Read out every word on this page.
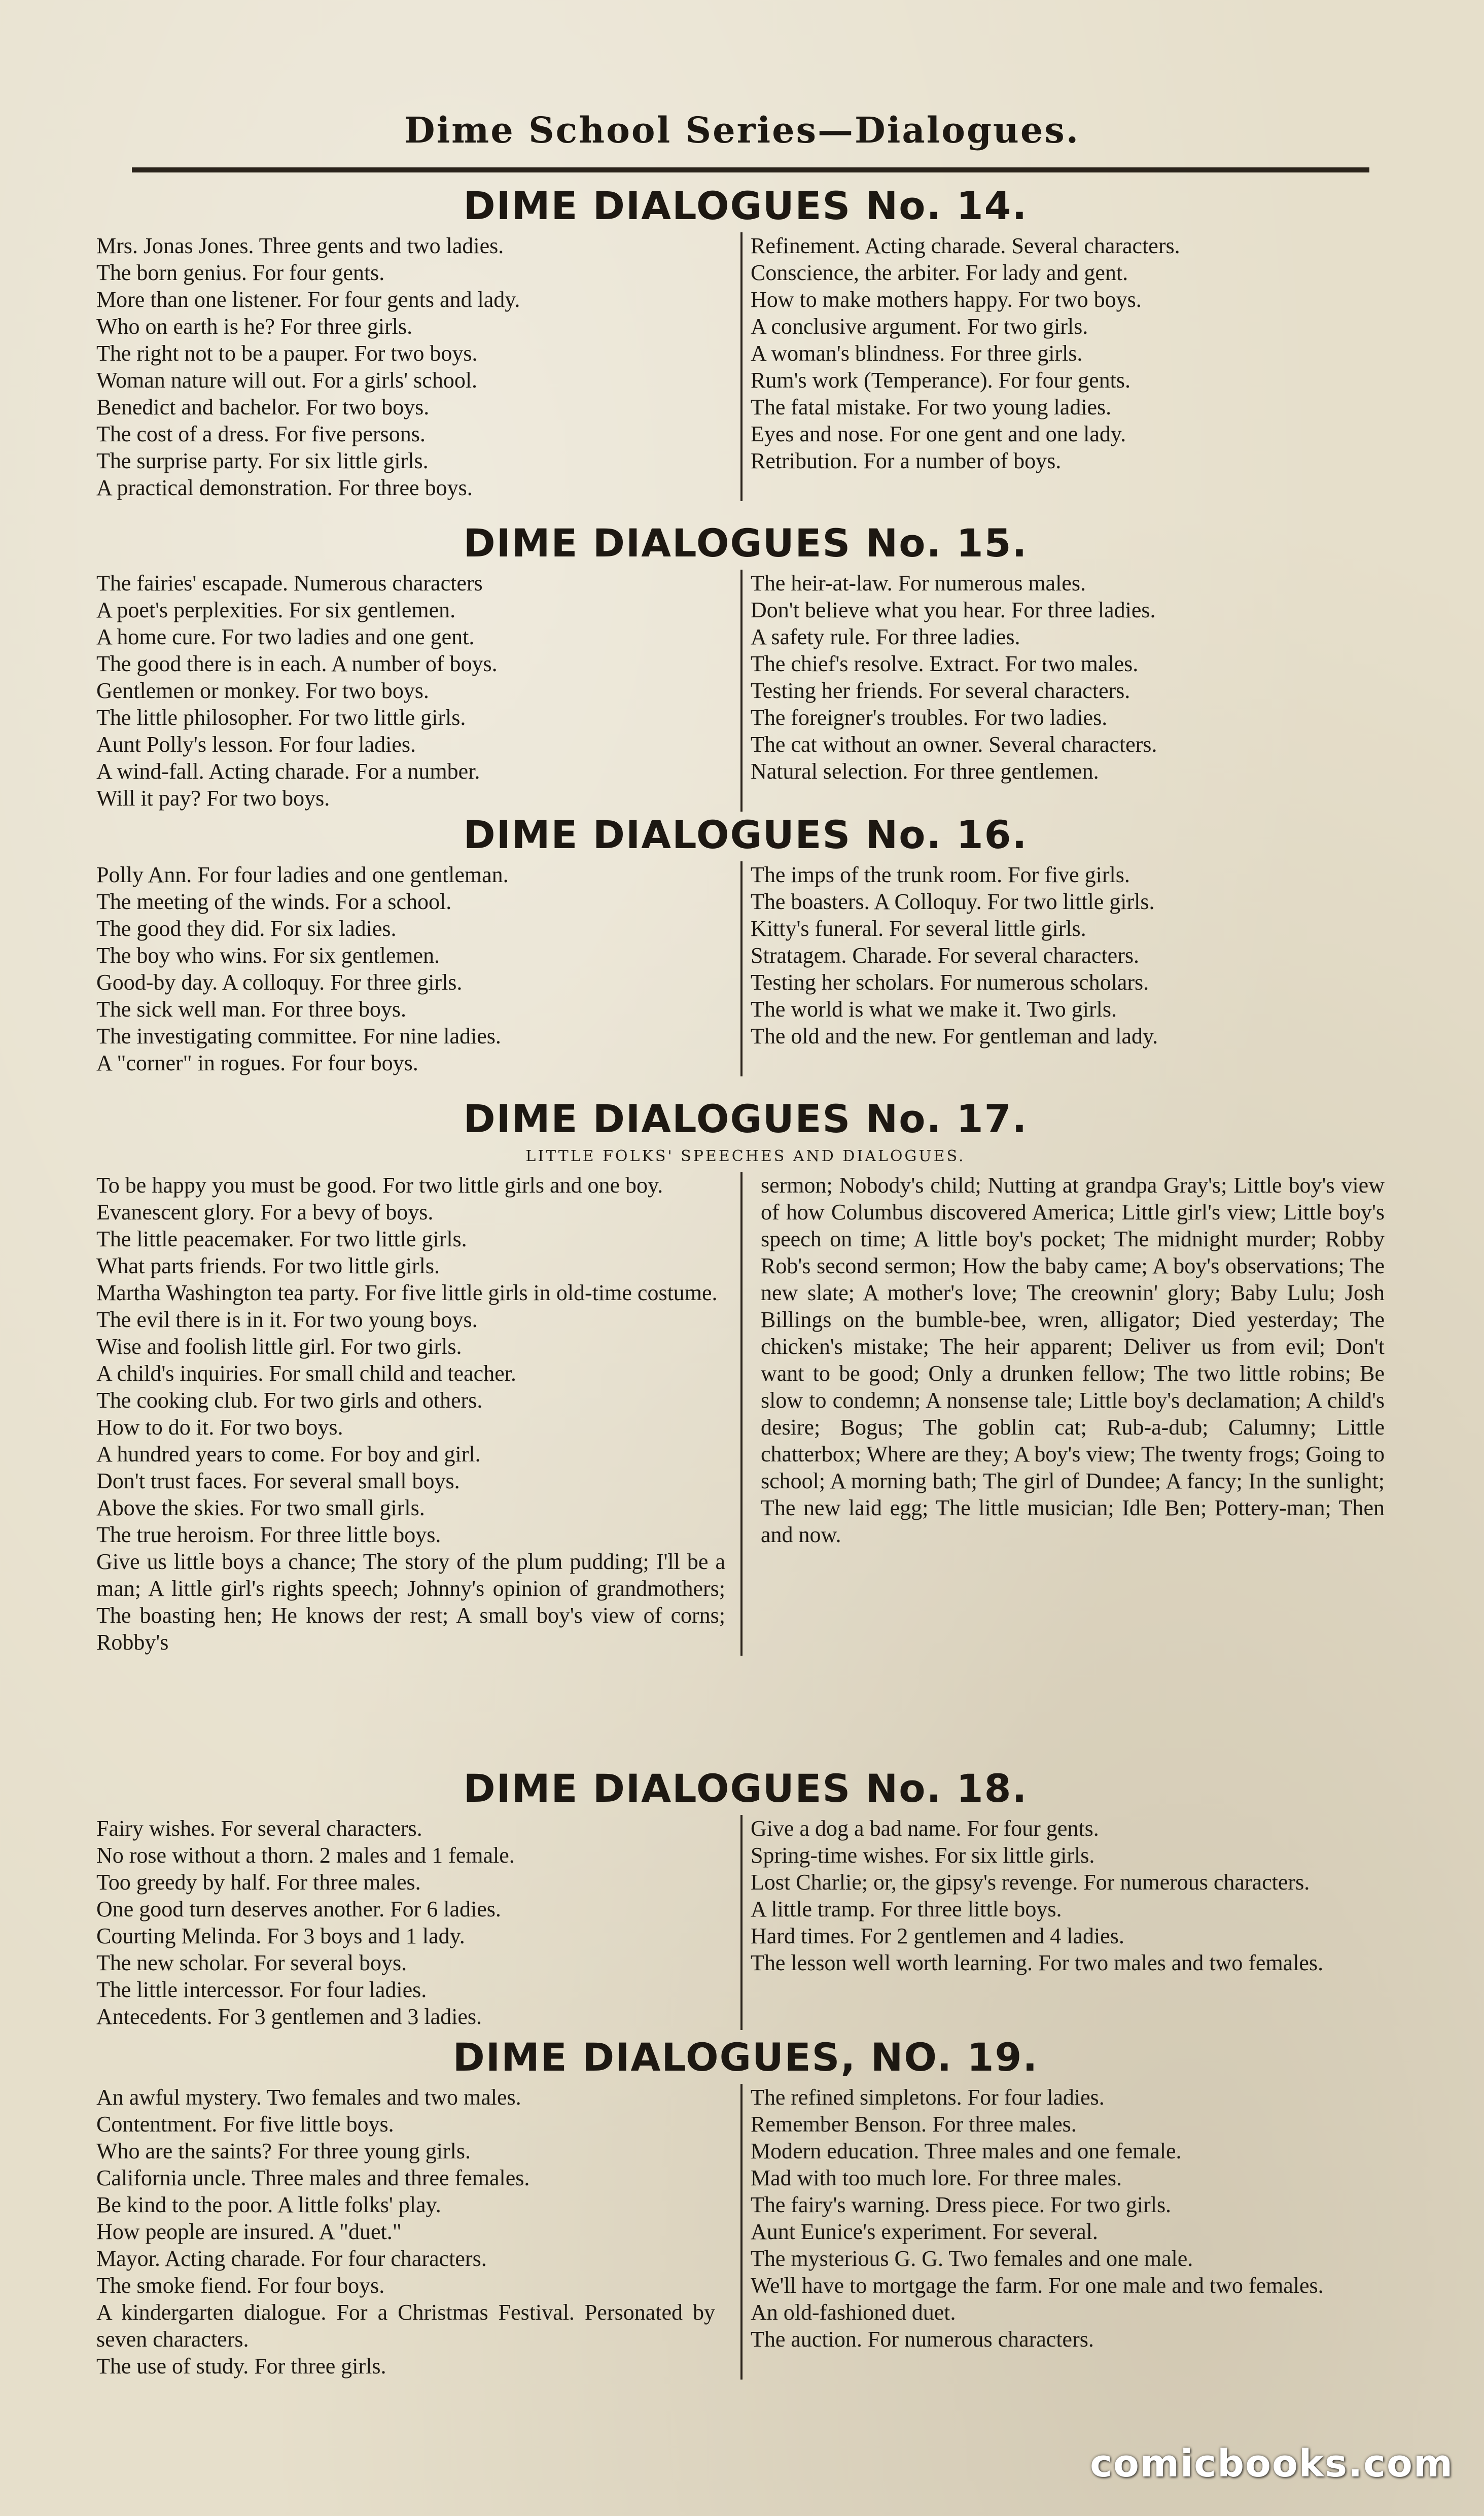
Dime School Series—Dialogues.
DIME DIALOGUES No. 14.
Mrs. Jonas Jones. Three gents and two ladies.
The born genius. For four gents.
More than one listener. For four gents and lady.
Who on earth is he? For three girls.
The right not to be a pauper. For two boys.
Woman nature will out. For a girls' school.
Benedict and bachelor. For two boys.
The cost of a dress. For five persons.
The surprise party. For six little girls.
A practical demonstration. For three boys.
Refinement. Acting charade. Several characters.
Conscience, the arbiter. For lady and gent.
How to make mothers happy. For two boys.
A conclusive argument. For two girls.
A woman's blindness. For three girls.
Rum's work (Temperance). For four gents.
The fatal mistake. For two young ladies.
Eyes and nose. For one gent and one lady.
Retribution. For a number of boys.
DIME DIALOGUES No. 15.
The fairies' escapade. Numerous characters
A poet's perplexities. For six gentlemen.
A home cure. For two ladies and one gent.
The good there is in each. A number of boys.
Gentlemen or monkey. For two boys.
The little philosopher. For two little girls.
Aunt Polly's lesson. For four ladies.
A wind-fall. Acting charade. For a number.
Will it pay? For two boys.
The heir-at-law. For numerous males.
Don't believe what you hear. For three ladies.
A safety rule. For three ladies.
The chief's resolve. Extract. For two males.
Testing her friends. For several characters.
The foreigner's troubles. For two ladies.
The cat without an owner. Several characters.
Natural selection. For three gentlemen.
DIME DIALOGUES No. 16.
Polly Ann. For four ladies and one gentleman.
The meeting of the winds. For a school.
The good they did. For six ladies.
The boy who wins. For six gentlemen.
Good-by day. A colloquy. For three girls.
The sick well man. For three boys.
The investigating committee. For nine ladies.
A "corner" in rogues. For four boys.
The imps of the trunk room. For five girls.
The boasters. A Colloquy. For two little girls.
Kitty's funeral. For several little girls.
Stratagem. Charade. For several characters.
Testing her scholars. For numerous scholars.
The world is what we make it. Two girls.
The old and the new. For gentleman and lady.
DIME DIALOGUES No. 17.
LITTLE FOLKS' SPEECHES AND DIALOGUES.
To be happy you must be good. For two little girls and one boy.
Evanescent glory. For a bevy of boys.
The little peacemaker. For two little girls.
What parts friends. For two little girls.
Martha Washington tea party. For five little girls in old-time costume.
The evil there is in it. For two young boys.
Wise and foolish little girl. For two girls.
A child's inquiries. For small child and teacher.
The cooking club. For two girls and others.
How to do it. For two boys.
A hundred years to come. For boy and girl.
Don't trust faces. For several small boys.
Above the skies. For two small girls.
The true heroism. For three little boys.
Give us little boys a chance; The story of the plum pudding; I'll be a man; A little girl's rights speech; Johnny's opinion of grandmothers; The boasting hen; He knows der rest; A small boy's view of corns; Robby's
sermon; Nobody's child; Nutting at grandpa Gray's; Little boy's view of how Columbus discovered America; Little girl's view; Little boy's speech on time; A little boy's pocket; The midnight murder; Robby Rob's second sermon; How the baby came; A boy's observations; The new slate; A mother's love; The creownin' glory; Baby Lulu; Josh Billings on the bumble-bee, wren, alligator; Died yesterday; The chicken's mistake; The heir apparent; Deliver us from evil; Don't want to be good; Only a drunken fellow; The two little robins; Be slow to condemn; A nonsense tale; Little boy's declamation; A child's desire; Bogus; The goblin cat; Rub-a-dub; Calumny; Little chatterbox; Where are they; A boy's view; The twenty frogs; Going to school; A morning bath; The girl of Dundee; A fancy; In the sunlight; The new laid egg; The little musician; Idle Ben; Pottery-man; Then and now.
DIME DIALOGUES No. 18.
Fairy wishes. For several characters.
No rose without a thorn. 2 males and 1 female.
Too greedy by half. For three males.
One good turn deserves another. For 6 ladies.
Courting Melinda. For 3 boys and 1 lady.
The new scholar. For several boys.
The little intercessor. For four ladies.
Antecedents. For 3 gentlemen and 3 ladies.
Give a dog a bad name. For four gents.
Spring-time wishes. For six little girls.
Lost Charlie; or, the gipsy's revenge. For numerous characters.
A little tramp. For three little boys.
Hard times. For 2 gentlemen and 4 ladies.
The lesson well worth learning. For two males and two females.
DIME DIALOGUES, NO. 19.
An awful mystery. Two females and two males.
Contentment. For five little boys.
Who are the saints? For three young girls.
California uncle. Three males and three females.
Be kind to the poor. A little folks' play.
How people are insured. A "duet."
Mayor. Acting charade. For four characters.
The smoke fiend. For four boys.
A kindergarten dialogue. For a Christmas Festival. Personated by seven characters.
The use of study. For three girls.
The refined simpletons. For four ladies.
Remember Benson. For three males.
Modern education. Three males and one female.
Mad with too much lore. For three males.
The fairy's warning. Dress piece. For two girls.
Aunt Eunice's experiment. For several.
The mysterious G. G. Two females and one male.
We'll have to mortgage the farm. For one male and two females.
An old-fashioned duet.
The auction. For numerous characters.
comicbooks.com
